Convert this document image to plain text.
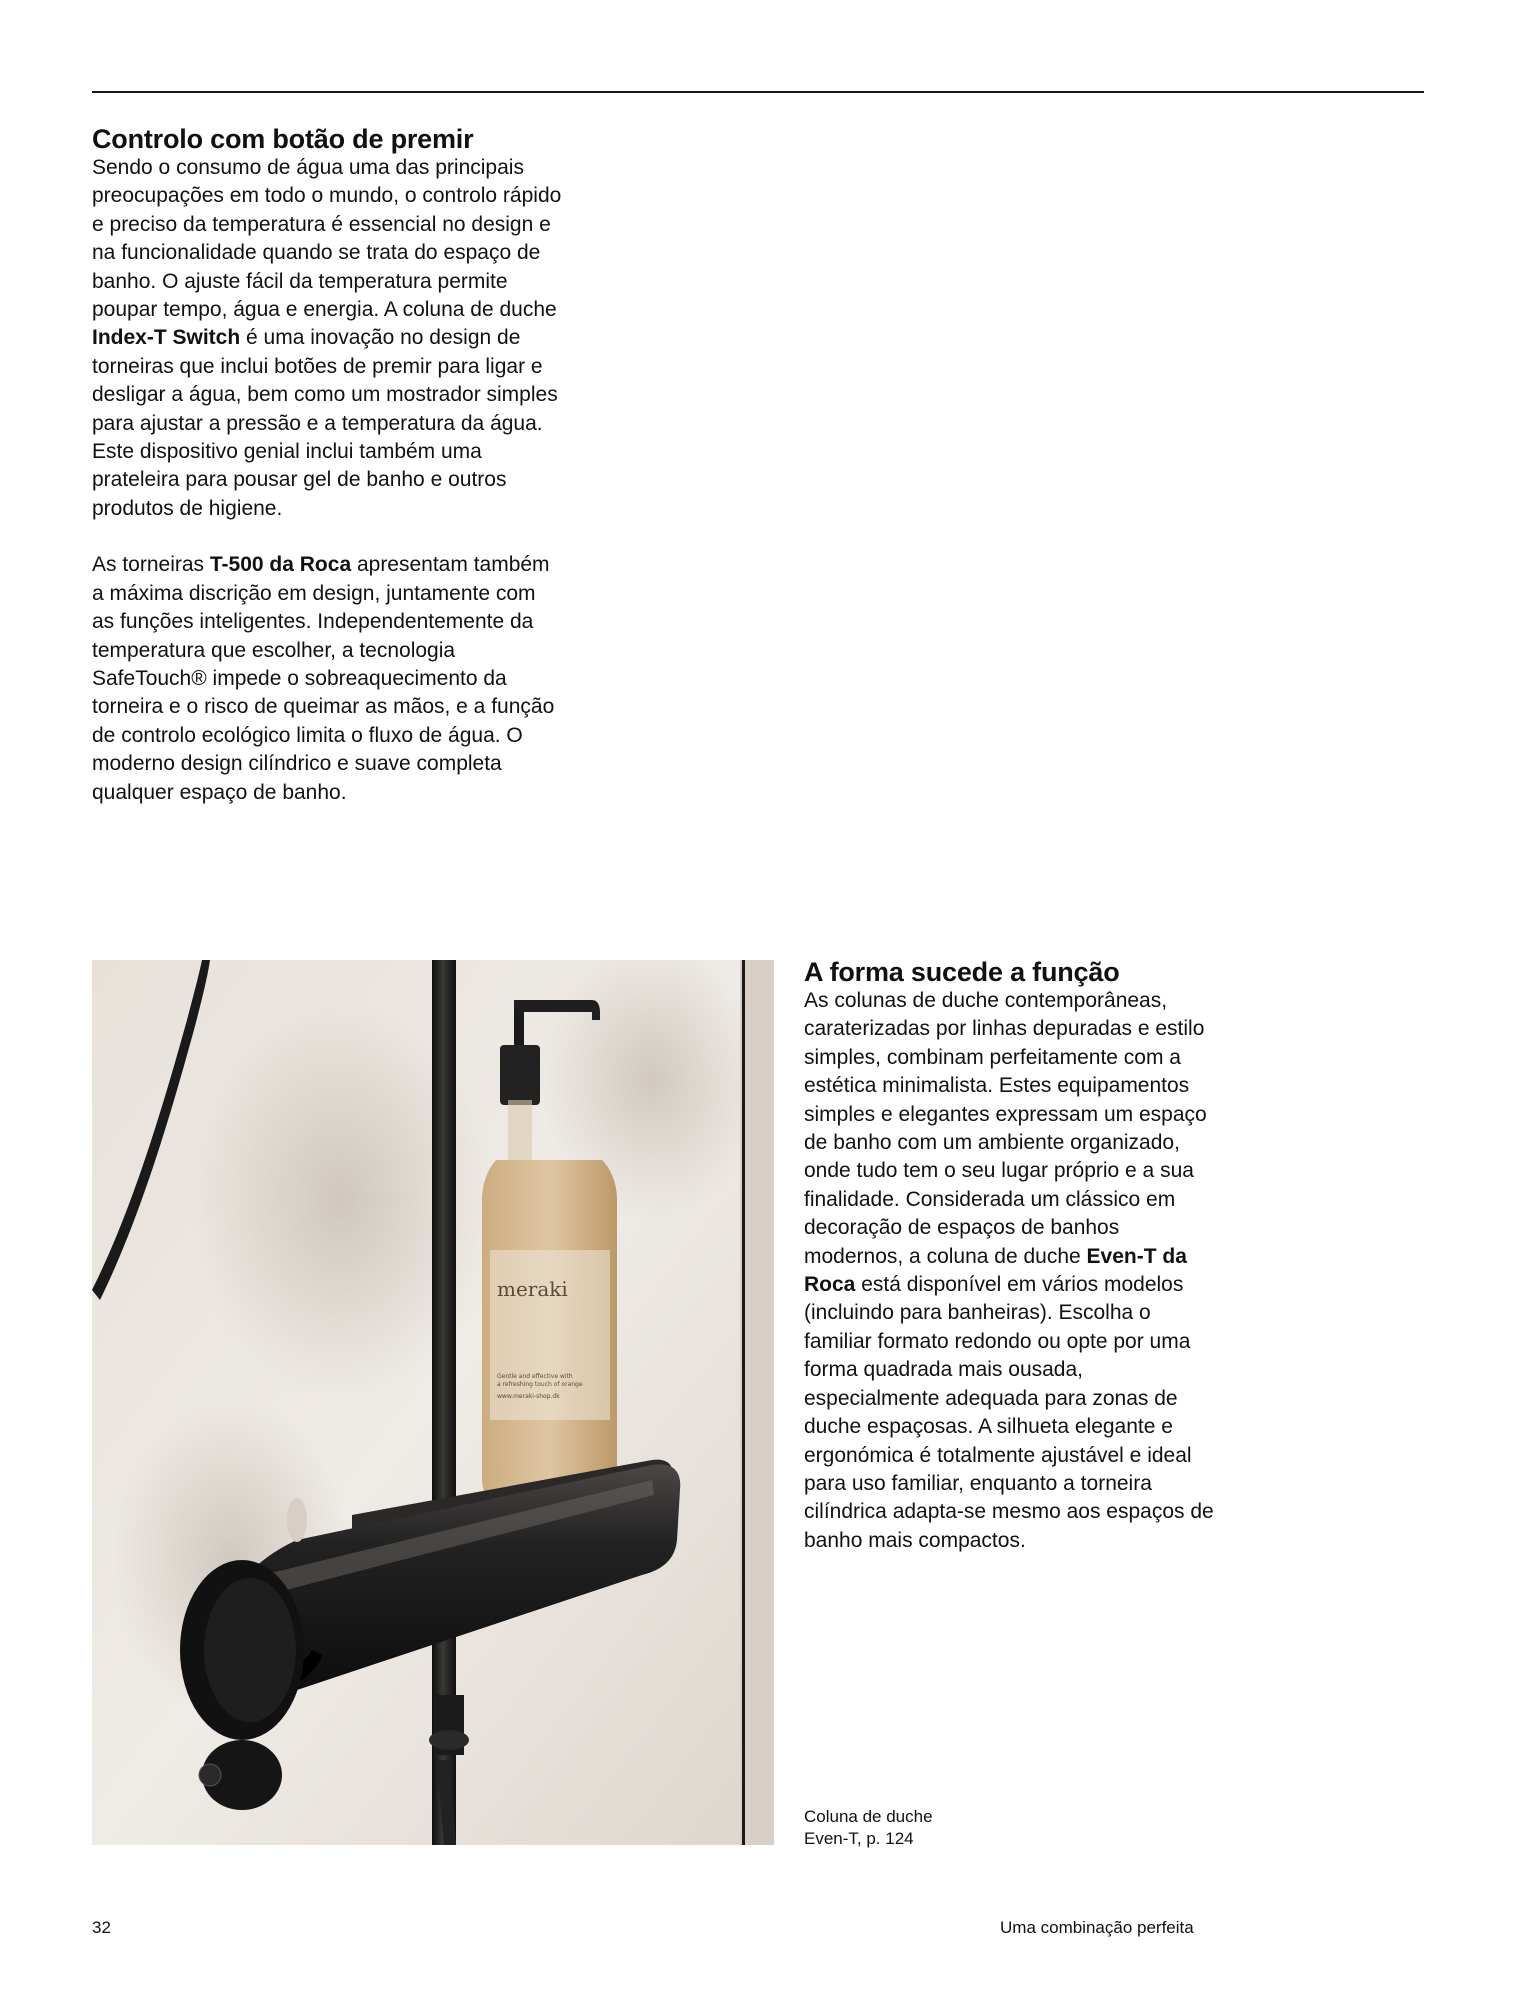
Controlo com botão de premir

Sendo o consumo de água uma das principais preocupações em todo o mundo, o controlo rápido e preciso da temperatura é essencial no design e na funcionalidade quando se trata do espaço de banho. O ajuste fácil da temperatura permite poupar tempo, água e energia. A coluna de duche Index-T Switch é uma inovação no design de torneiras que inclui botões de premir para ligar e desligar a água, bem como um mostrador simples para ajustar a pressão e a temperatura da água. Este dispositivo genial inclui também uma prateleira para pousar gel de banho e outros produtos de higiene.

As torneiras T-500 da Roca apresentam também a máxima discrição em design, juntamente com as funções inteligentes. Independentemente da temperatura que escolher, a tecnologia SafeTouch® impede o sobreaquecimento da torneira e o risco de queimar as mãos, e a função de controlo ecológico limita o fluxo de água. O moderno design cilíndrico e suave completa qualquer espaço de banho.

meraki
Gentle and effective with
a refreshing touch of orange
www.meraki-shop.dk
A forma sucede a função

As colunas de duche contemporâneas, caraterizadas por linhas depuradas e estilo simples, combinam perfeitamente com a estética minimalista. Estes equipamentos simples e elegantes expressam um espaço de banho com um ambiente organizado, onde tudo tem o seu lugar próprio e a sua finalidade. Considerada um clássico em decoração de espaços de banhos modernos, a coluna de duche Even-T da Roca está disponível em vários modelos (incluindo para banheiras). Escolha o familiar formato redondo ou opte por uma forma quadrada mais ousada, especialmente adequada para zonas de duche espaçosas. A silhueta elegante e ergonómica é totalmente ajustável e ideal para uso familiar, enquanto a torneira cilíndrica adapta-se mesmo aos espaços de banho mais compactos.

Coluna de duche
Even-T, p. 124
32	Uma combinação perfeita
